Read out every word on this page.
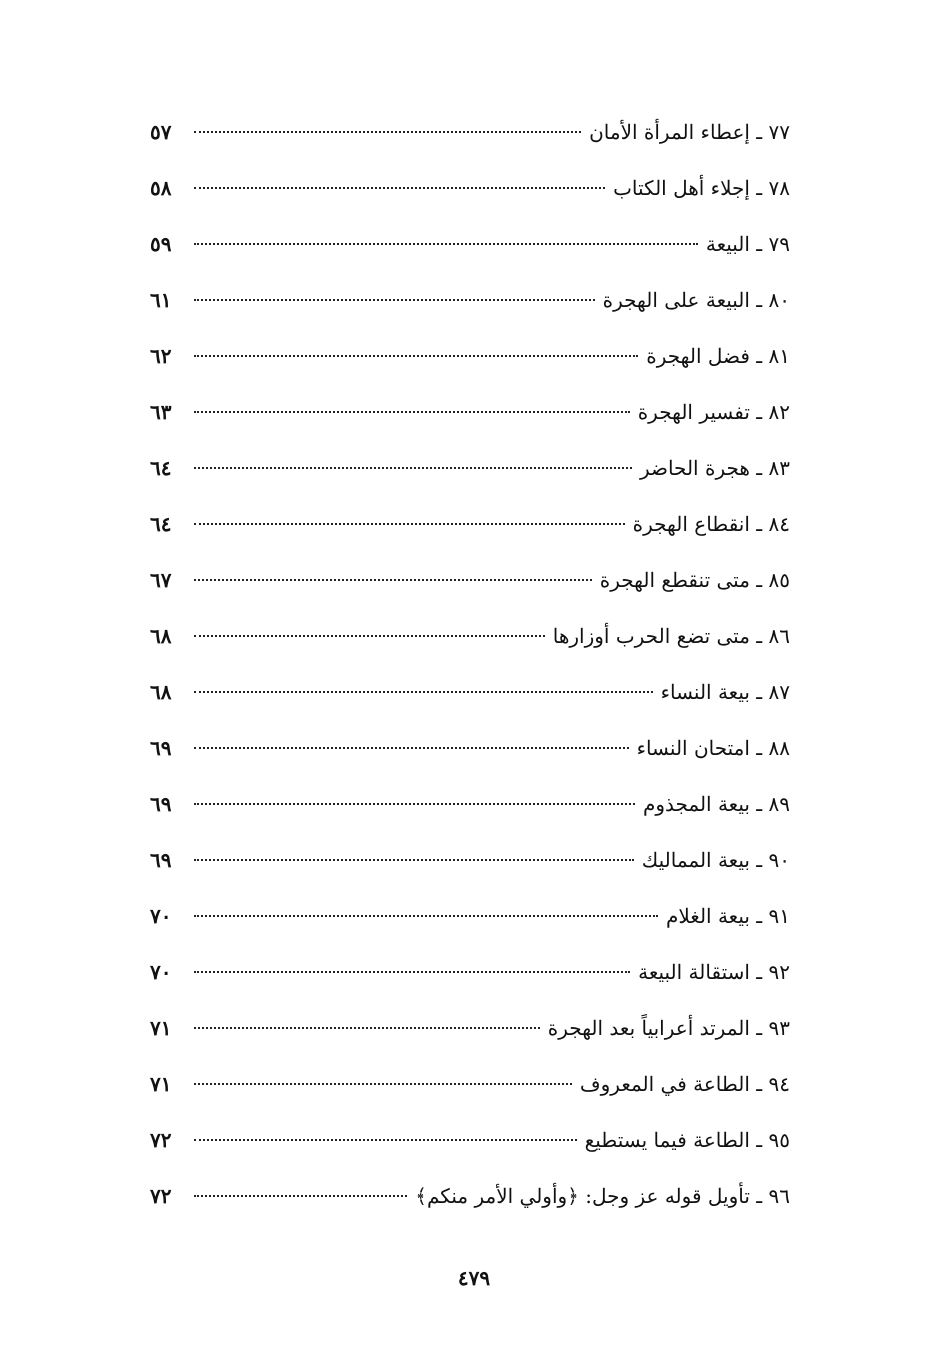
٧٧ ـ إعطاء المرأة الأمان
٥٧
٧٨ ـ إجلاء أهل الكتاب
٥٨
٧٩ ـ البيعة
٥٩
٨٠ ـ البيعة على الهجرة
٦١
٨١ ـ فضل الهجرة
٦٢
٨٢ ـ تفسير الهجرة
٦٣
٨٣ ـ هجرة الحاضر
٦٤
٨٤ ـ انقطاع الهجرة
٦٤
٨٥ ـ متى تنقطع الهجرة
٦٧
٨٦ ـ متى تضع الحرب أوزارها
٦٨
٨٧ ـ بيعة النساء
٦٨
٨٨ ـ امتحان النساء
٦٩
٨٩ ـ بيعة المجذوم
٦٩
٩٠ ـ بيعة المماليك
٦٩
٩١ ـ بيعة الغلام
٧٠
٩٢ ـ استقالة البيعة
٧٠
٩٣ ـ المرتد أعرابياً بعد الهجرة
٧١
٩٤ ـ الطاعة في المعروف
٧١
٩٥ ـ الطاعة فيما يستطيع
٧٢
٩٦ ـ تأويل قوله عز وجل: ﴿وأولي الأمر منكم﴾
٧٢
٤٧٩
